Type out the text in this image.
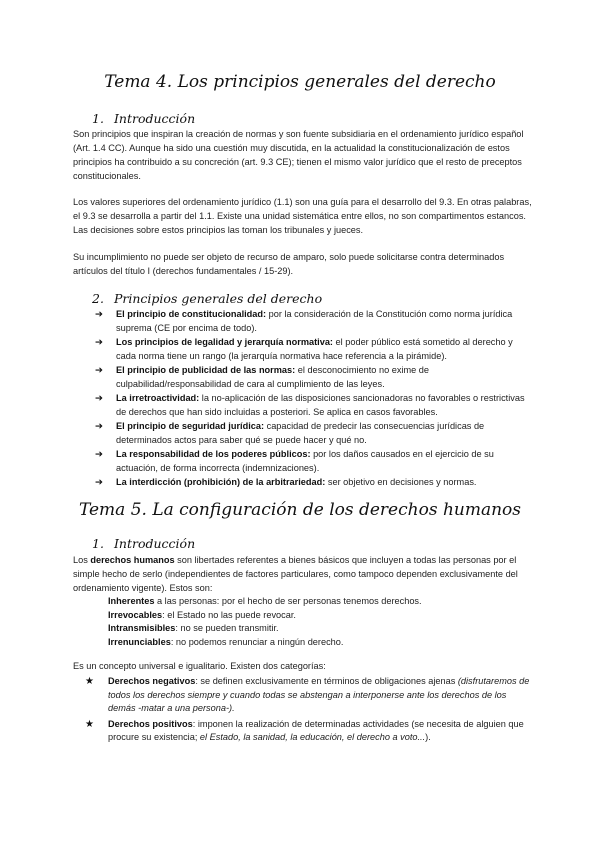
Tema 4. Los principios generales del derecho
1. Introducción

Son principios que inspiran la creación de normas y son fuente subsidiaria en el ordenamiento jurídico español (Art. 1.4 CC). Aunque ha sido una cuestión muy discutida, en la actualidad la constitucionalización de estos principios ha contribuido a su concreción (art. 9.3 CE); tienen el mismo valor jurídico que el resto de preceptos constitucionales.

Los valores superiores del ordenamiento jurídico (1.1) son una guía para el desarrollo del 9.3. En otras palabras, el 9.3 se desarrolla a partir del 1.1. Existe una unidad sistemática entre ellos, no son compartimentos estancos. Las decisiones sobre estos principios las toman los tribunales y jueces.

Su incumplimiento no puede ser objeto de recurso de amparo, solo puede solicitarse contra determinados artículos del título I (derechos fundamentales / 15-29).

2. Principios generales del derecho
➔ El principio de constitucionalidad: por la consideración de la Constitución como norma jurídica suprema (CE por encima de todo).
➔ Los principios de legalidad y jerarquía normativa: el poder público está sometido al derecho y cada norma tiene un rango (la jerarquía normativa hace referencia a la pirámide).
➔ El principio de publicidad de las normas: el desconocimiento no exime de culpabilidad/responsabilidad de cara al cumplimiento de las leyes.
➔ La irretroactividad: la no-aplicación de las disposiciones sancionadoras no favorables o restrictivas de derechos que han sido incluidas a posteriori. Se aplica en casos favorables.
➔ El principio de seguridad jurídica: capacidad de predecir las consecuencias jurídicas de determinados actos para saber qué se puede hacer y qué no.
➔ La responsabilidad de los poderes públicos: por los daños causados en el ejercicio de su actuación, de forma incorrecta (indemnizaciones).
➔ La interdicción (prohibición) de la arbitrariedad: ser objetivo en decisiones y normas.
Tema 5. La configuración de los derechos humanos
1. Introducción

Los derechos humanos son libertades referentes a bienes básicos que incluyen a todas las personas por el simple hecho de serlo (independientes de factores particulares, como tampoco dependen exclusivamente del ordenamiento vigente). Estos son:

Inherentes a las personas: por el hecho de ser personas tenemos derechos.
Irrevocables: el Estado no las puede revocar.
Intransmisibles: no se pueden transmitir.
Irrenunciables: no podemos renunciar a ningún derecho.

Es un concepto universal e igualitario. Existen dos categorías:

★ Derechos negativos: se definen exclusivamente en términos de obligaciones ajenas (disfrutaremos de todos los derechos siempre y cuando todas se abstengan a interponerse ante los derechos de los demás -matar a una persona-).
★ Derechos positivos: imponen la realización de determinadas actividades (se necesita de alguien que procure su existencia; el Estado, la sanidad, la educación, el derecho a voto...).
